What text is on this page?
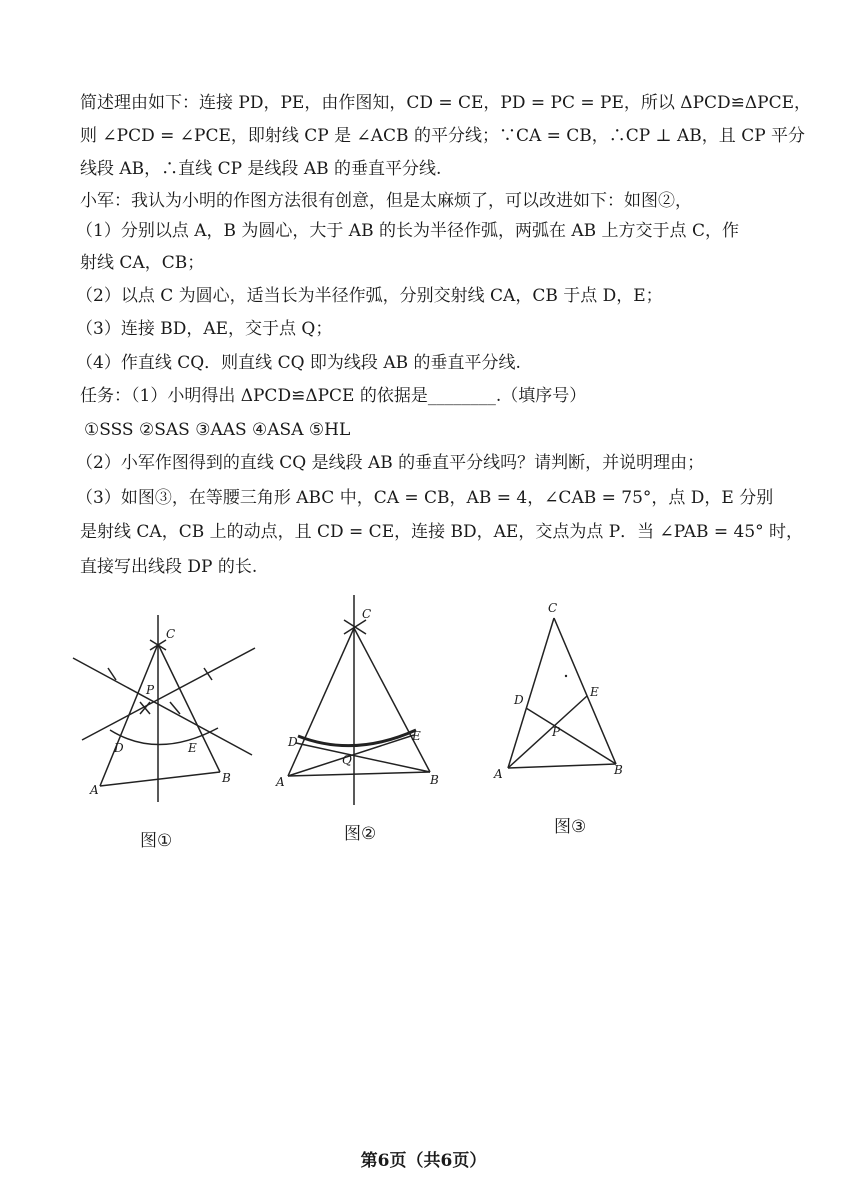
简述理由如下：连接 PD，PE，由作图知，CD = CE，PD = PC = PE，所以 ΔPCD≌ΔPCE，
则 ∠PCD = ∠PCE，即射线 CP 是 ∠ACB 的平分线；∵CA = CB，∴CP ⊥ AB，且 CP 平分
线段 AB，∴直线 CP 是线段 AB 的垂直平分线.
小军：我认为小明的作图方法很有创意，但是太麻烦了，可以改进如下：如图②，
（1）分别以点 A，B 为圆心，大于 AB 的长为半径作弧，两弧在 AB 上方交于点 C，作
射线 CA，CB；
（2）以点 C 为圆心，适当长为半径作弧，分别交射线 CA，CB 于点 D，E；
（3）连接 BD，AE，交于点 Q；
（4）作直线 CQ．则直线 CQ 即为线段 AB 的垂直平分线.
任务：（1）小明得出 ΔPCD≌ΔPCE 的依据是________.（填序号）
①SSS ②SAS ③AAS ④ASA ⑤HL
（2）小军作图得到的直线 CQ 是线段 AB 的垂直平分线吗？请判断，并说明理由；
（3）如图③，在等腰三角形 ABC 中，CA = CB，AB = 4，∠CAB = 75°，点 D，E 分别
是射线 CA，CB 上的动点，且 CD = CE，连接 BD，AE，交点为点 P．当 ∠PAB = 45° 时，
直接写出线段 DP 的长.
C
P
D	E
A
B
图①
C
D	E
Q
A	B
图②
C
D
E
P
A	B
图③
第6页（共6页）
